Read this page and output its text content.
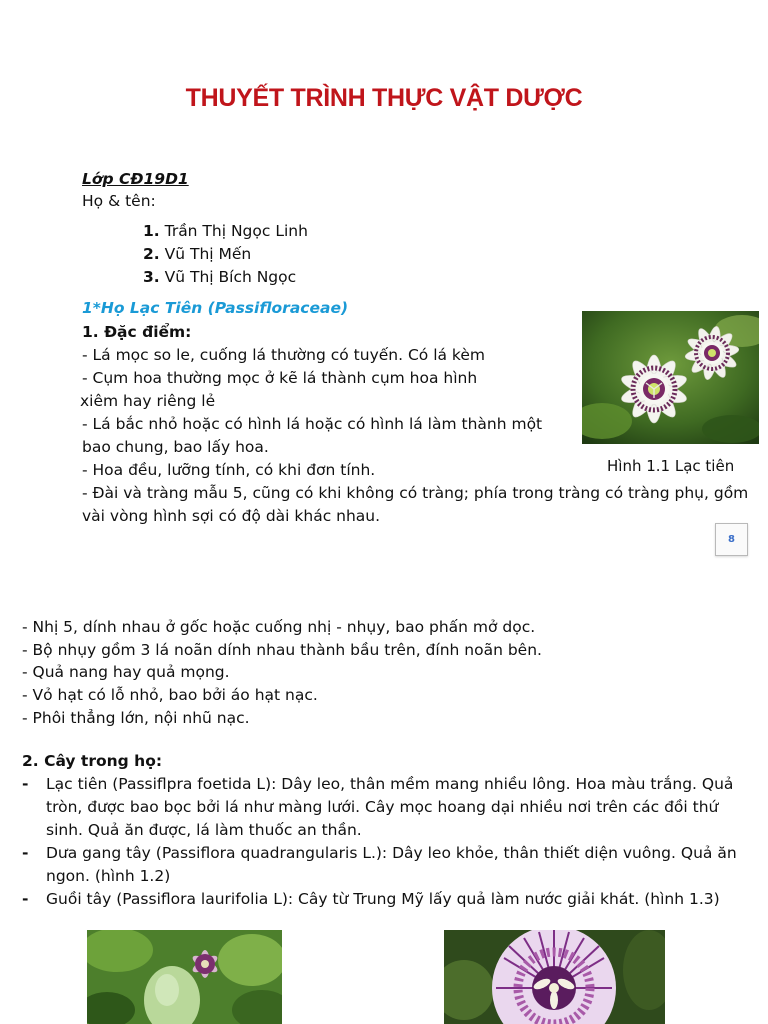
THUYẾT TRÌNH THỰC VẬT DƯỢC
Lớp CĐ19D1
Họ & tên:
1. Trần Thị Ngọc Linh
2. Vũ Thị Mến
3. Vũ Thị Bích Ngọc
1*Họ Lạc Tiên (Passifloraceae)
1. Đặc điểm:
- Lá mọc so le, cuống lá thường có tuyến. Có lá kèm
- Cụm hoa thường mọc ở kẽ lá thành cụm hoa hình
xiêm hay riêng lẻ
- Lá bắc nhỏ hoặc có hình lá hoặc có hình lá làm thành một
bao chung, bao lấy hoa.
- Hoa đều, lưỡng tính, có khi đơn tính.
- Đài và tràng mẫu 5, cũng có khi không có tràng; phía trong tràng có tràng phụ, gồm
vài vòng hình sợi có độ dài khác nhau.
Hình 1.1 Lạc tiên
8
- Nhị 5, dính nhau ở gốc hoặc cuống nhị - nhụy, bao phấn mở dọc.
- Bộ nhụy gồm 3 lá noãn dính nhau thành bầu trên, đính noãn bên.
- Quả nang hay quả mọng.
- Vỏ hạt có lỗ nhỏ, bao bởi áo hạt nạc.
- Phôi thẳng lớn, nội nhũ nạc.
2. Cây trong họ:
- Lạc tiên (Passiflpra foetida L): Dây leo, thân mềm mang nhiều lông. Hoa màu trắng. Quả
tròn, được bao bọc bởi lá như màng lưới. Cây mọc hoang dại nhiều nơi trên các đồi thứ
sinh. Quả ăn được, lá làm thuốc an thần.
- Dưa gang tây (Passiflora quadrangularis L.): Dây leo khỏe, thân thiết diện vuông. Quả ăn
ngon. (hình 1.2)
- Guồi tây (Passiflora laurifolia L): Cây từ Trung Mỹ lấy quả làm nước giải khát. (hình 1.3)
